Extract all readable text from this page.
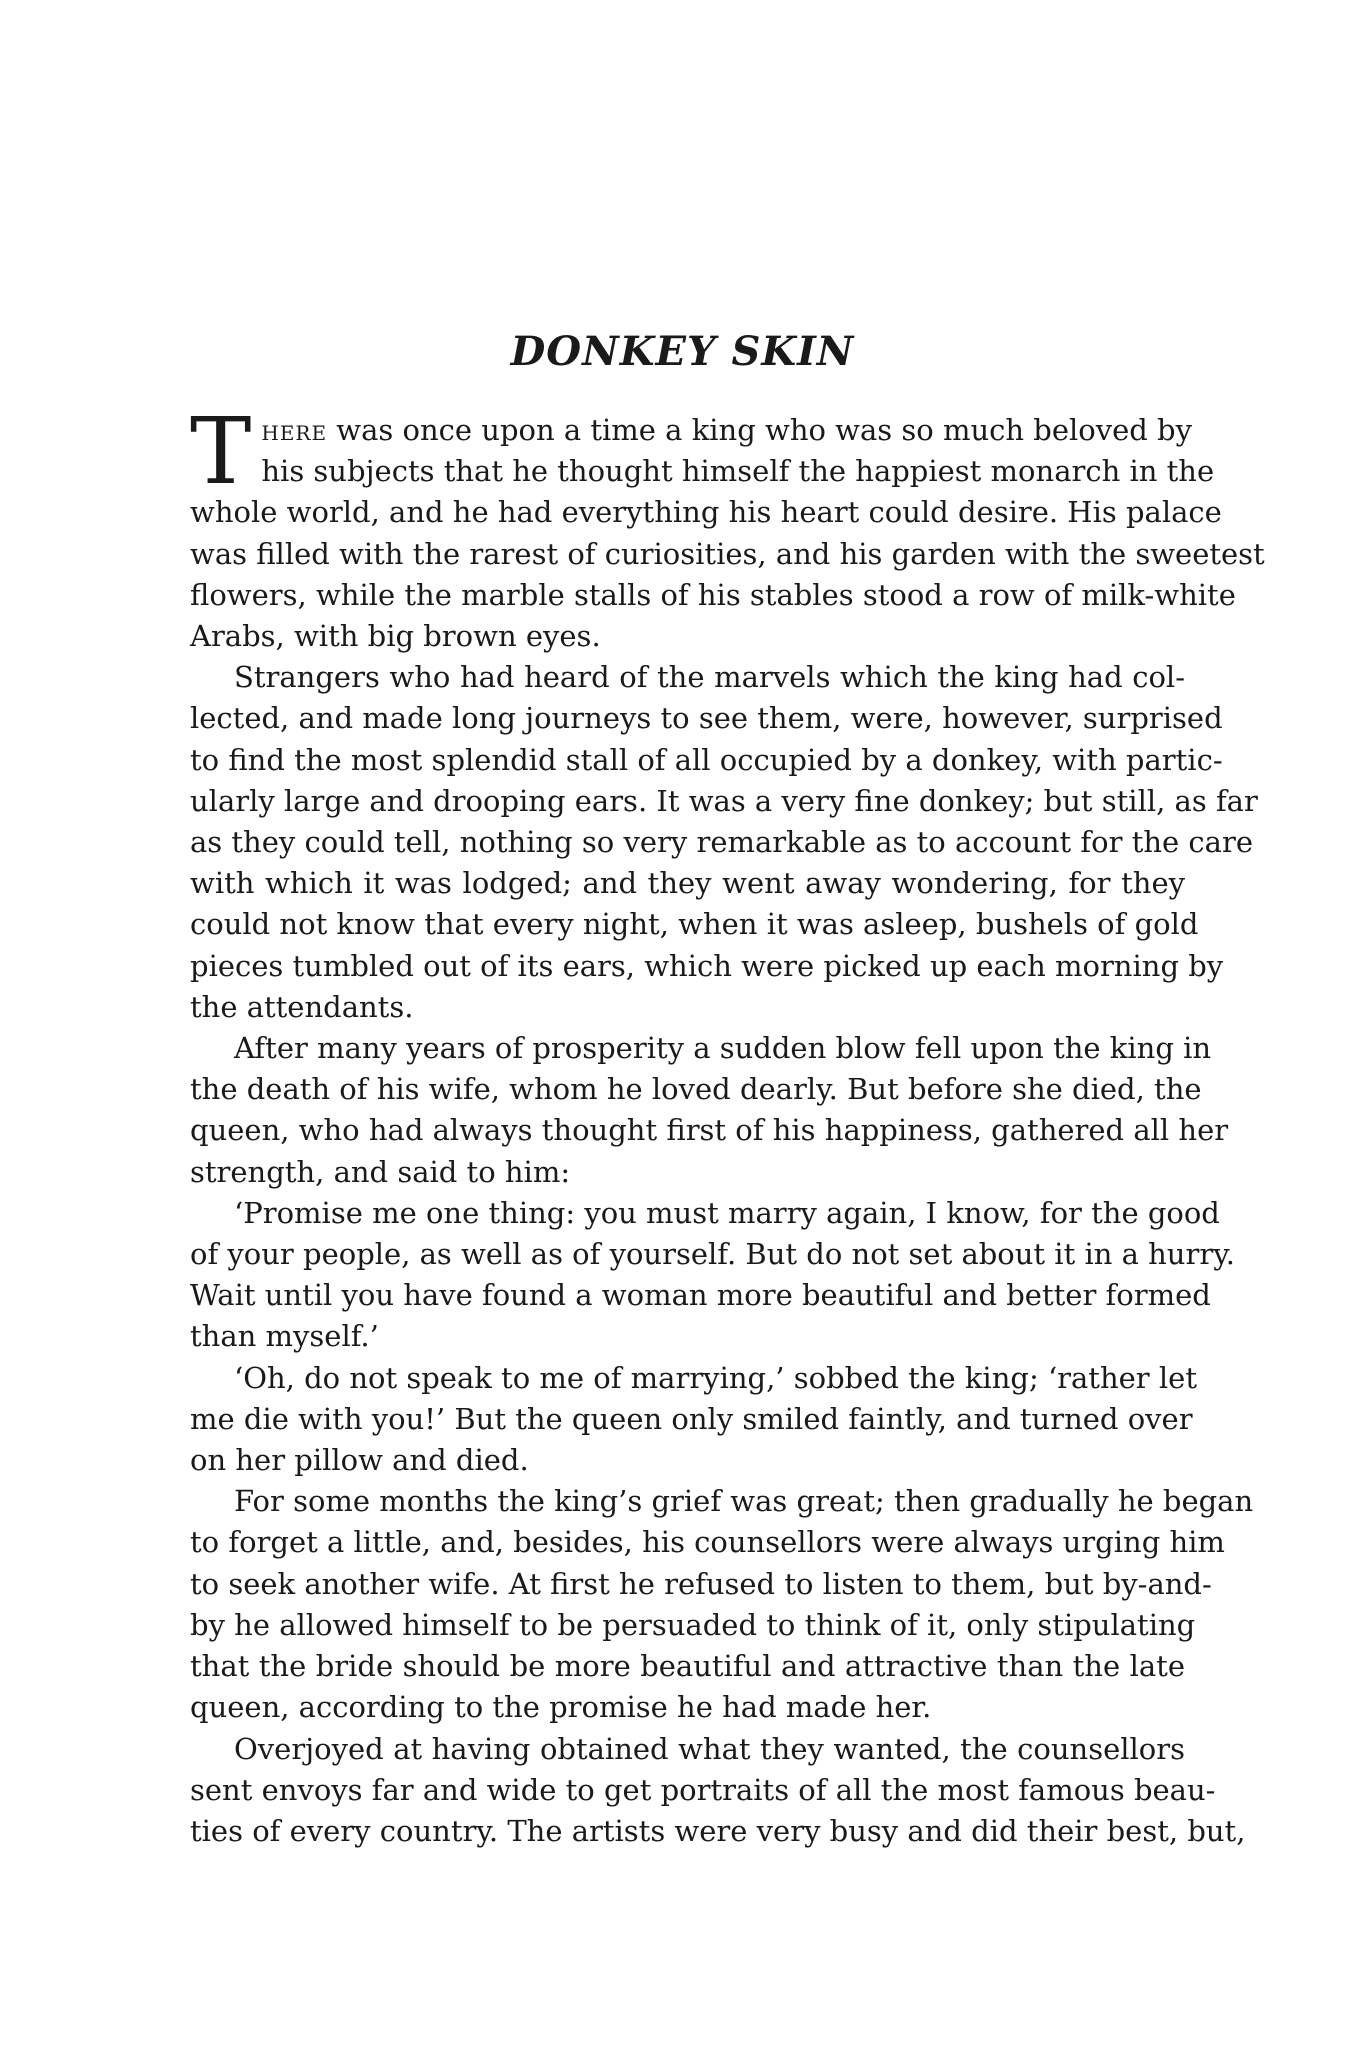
DONKEY SKIN

T here was once upon a time a king who was so much beloved by
his subjects that he thought himself the happiest monarch in the
whole world, and he had everything his heart could desire. His palace
was filled with the rarest of curiosities, and his garden with the sweetest
flowers, while the marble stalls of his stables stood a row of milk-white
Arabs, with big brown eyes.

Strangers who had heard of the marvels which the king had col-
lected, and made long journeys to see them, were, however, surprised
to find the most splendid stall of all occupied by a donkey, with partic-
ularly large and drooping ears. It was a very fine donkey; but still, as far
as they could tell, nothing so very remarkable as to account for the care
with which it was lodged; and they went away wondering, for they
could not know that every night, when it was asleep, bushels of gold
pieces tumbled out of its ears, which were picked up each morning by
the attendants.

After many years of prosperity a sudden blow fell upon the king in
the death of his wife, whom he loved dearly. But before she died, the
queen, who had always thought first of his happiness, gathered all her
strength, and said to him:

‘Promise me one thing: you must marry again, I know, for the good
of your people, as well as of yourself. But do not set about it in a hurry.
Wait until you have found a woman more beautiful and better formed
than myself.’

‘Oh, do not speak to me of marrying,’ sobbed the king; ‘rather let
me die with you!’ But the queen only smiled faintly, and turned over
on her pillow and died.

For some months the king’s grief was great; then gradually he began
to forget a little, and, besides, his counsellors were always urging him
to seek another wife. At first he refused to listen to them, but by-and-
by he allowed himself to be persuaded to think of it, only stipulating
that the bride should be more beautiful and attractive than the late
queen, according to the promise he had made her.

Overjoyed at having obtained what they wanted, the counsellors
sent envoys far and wide to get portraits of all the most famous beau-
ties of every country. The artists were very busy and did their best, but,
